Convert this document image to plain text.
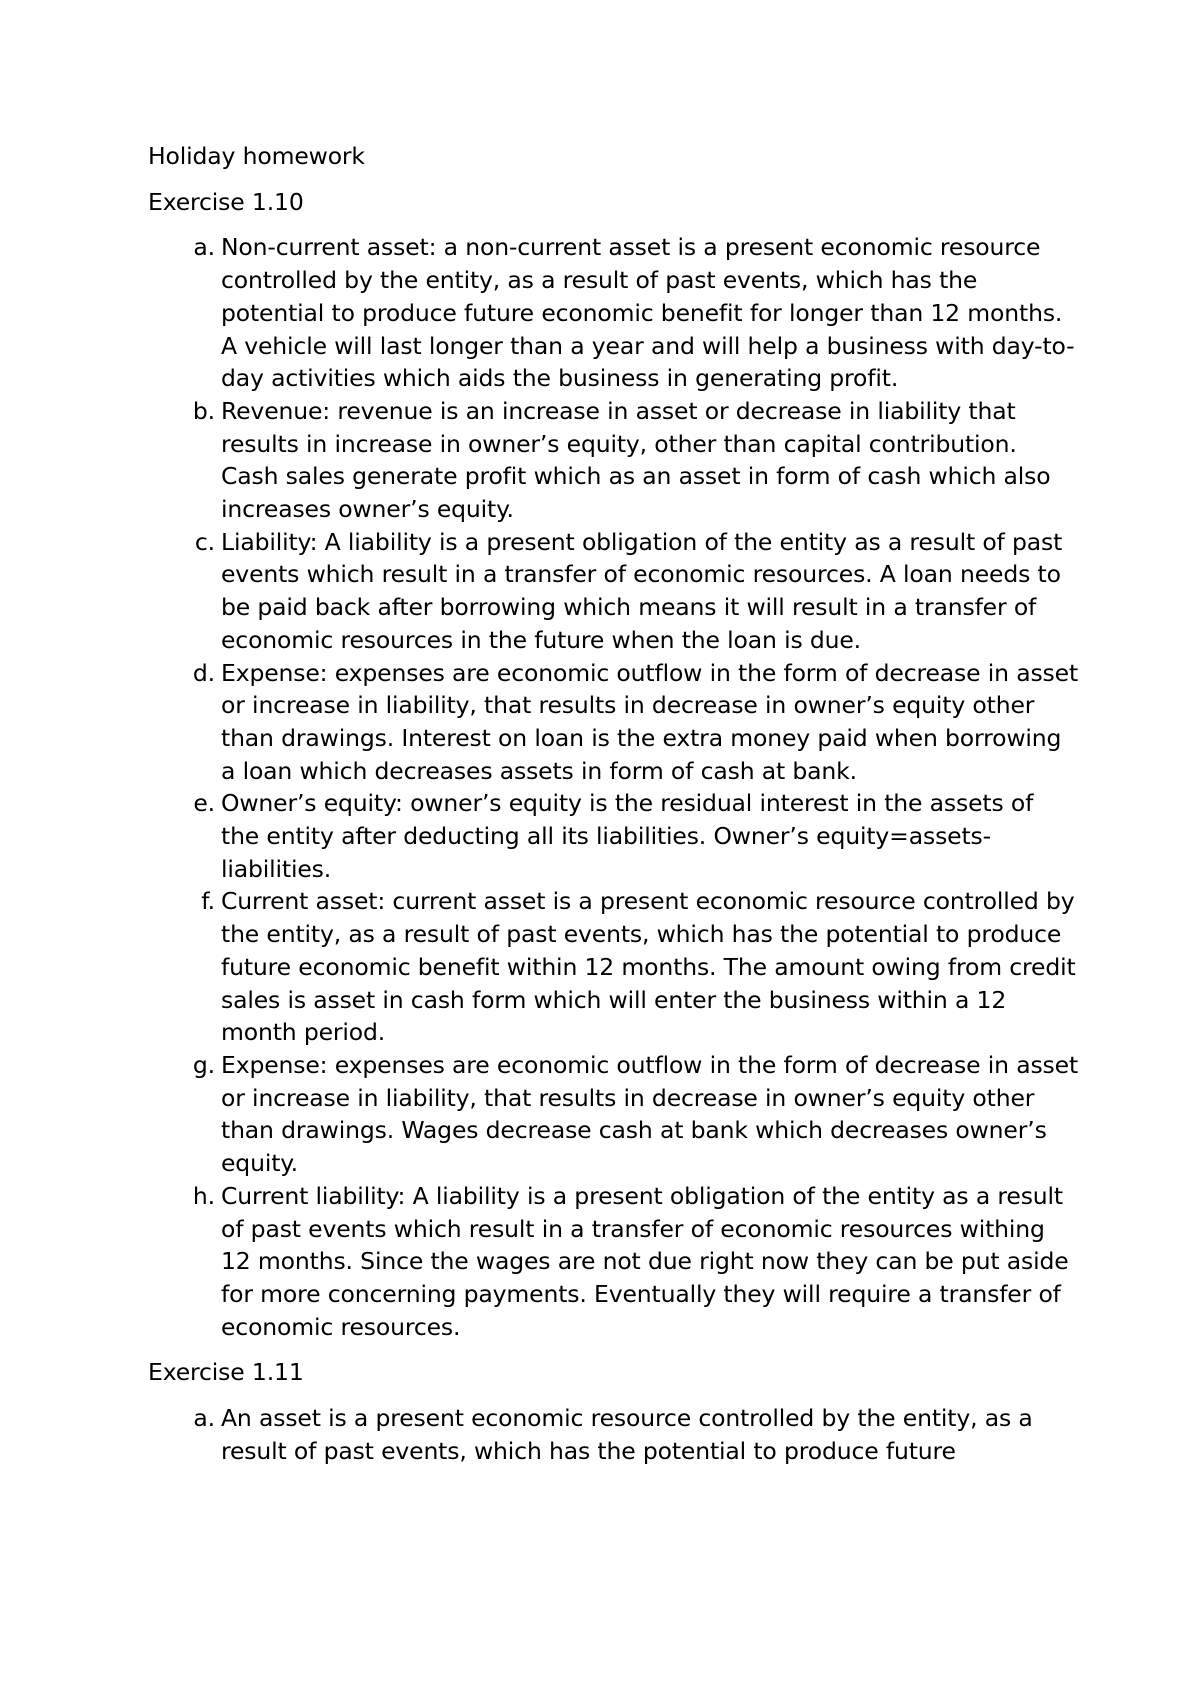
Holiday homework
Exercise 1.10
a. Non-current asset: a non-current asset is a present economic resource controlled by the entity, as a result of past events, which has the potential to produce future economic benefit for longer than 12 months. A vehicle will last longer than a year and will help a business with day-to-day activities which aids the business in generating profit.
b. Revenue: revenue is an increase in asset or decrease in liability that results in increase in owner’s equity, other than capital contribution. Cash sales generate profit which as an asset in form of cash which also increases owner’s equity.
c. Liability: A liability is a present obligation of the entity as a result of past events which result in a transfer of economic resources. A loan needs to be paid back after borrowing which means it will result in a transfer of economic resources in the future when the loan is due.
d. Expense: expenses are economic outflow in the form of decrease in asset or increase in liability, that results in decrease in owner’s equity other than drawings. Interest on loan is the extra money paid when borrowing a loan which decreases assets in form of cash at bank.
e. Owner’s equity: owner’s equity is the residual interest in the assets of the entity after deducting all its liabilities. Owner’s equity=assets-liabilities.
f. Current asset: current asset is a present economic resource controlled by the entity, as a result of past events, which has the potential to produce future economic benefit within 12 months. The amount owing from credit sales is asset in cash form which will enter the business within a 12 month period.
g. Expense: expenses are economic outflow in the form of decrease in asset or increase in liability, that results in decrease in owner’s equity other than drawings. Wages decrease cash at bank which decreases owner’s equity.
h. Current liability: A liability is a present obligation of the entity as a result of past events which result in a transfer of economic resources withing 12 months. Since the wages are not due right now they can be put aside for more concerning payments. Eventually they will require a transfer of economic resources.
Exercise 1.11
a. An asset is a present economic resource controlled by the entity, as a result of past events, which has the potential to produce future
